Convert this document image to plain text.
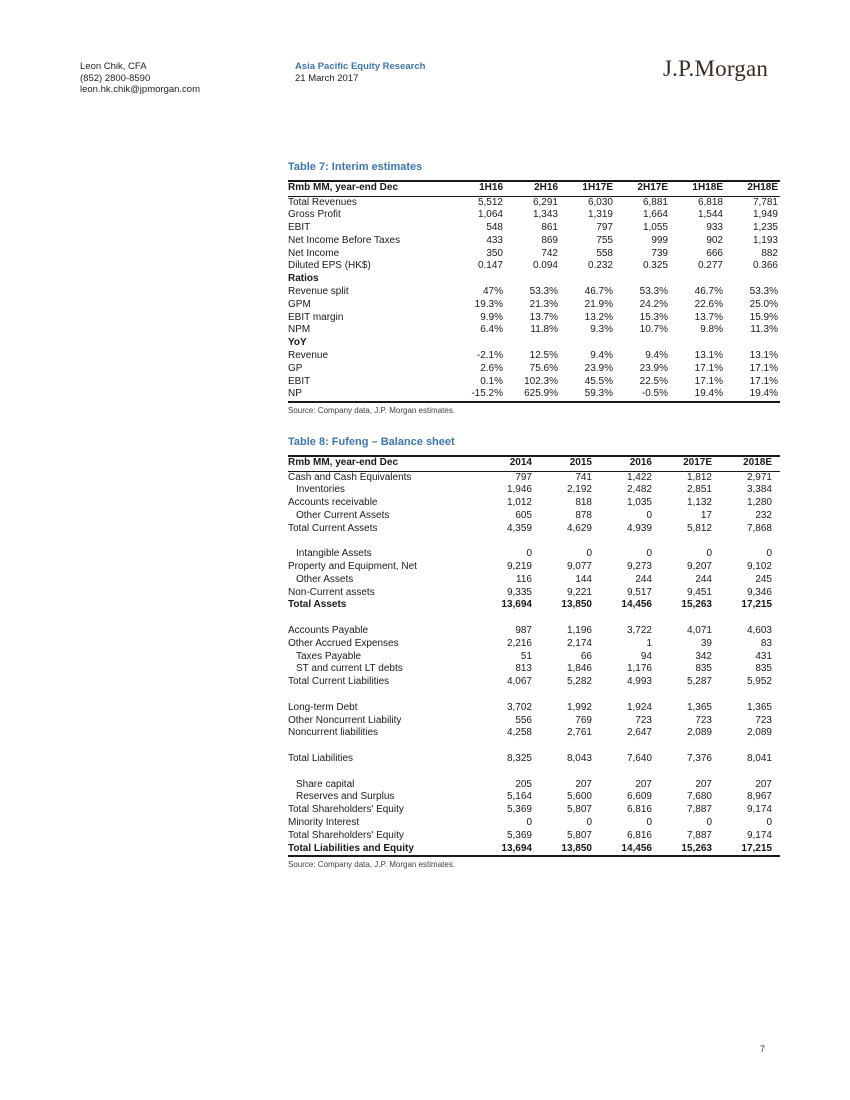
Leon Chik, CFA
(852) 2800-8590
leon.hk.chik@jpmorgan.com
Asia Pacific Equity Research
21 March 2017	J.P.Morgan
Table 7: Interim estimates
Rmb MM, year-end Dec	1H16	2H16	1H17E	2H17E	1H18E	2H18E
Total Revenues	5,512	6,291	6,030	6,881	6,818	7,781
Gross Profit	1,064	1,343	1,319	1,664	1,544	1,949
EBIT	548	861	797	1,055	933	1,235
Net Income Before Taxes	433	869	755	999	902	1,193
Net Income	350	742	558	739	666	882
Diluted EPS (HK$)	0.147	0.094	0.232	0.325	0.277	0.366
Ratios						
Revenue split	47%	53.3%	46.7%	53.3%	46.7%	53.3%
GPM	19.3%	21.3%	21.9%	24.2%	22.6%	25.0%
EBIT margin	9.9%	13.7%	13.2%	15.3%	13.7%	15.9%
NPM	6.4%	11.8%	9.3%	10.7%	9.8%	11.3%
YoY						
Revenue	-2.1%	12.5%	9.4%	9.4%	13.1%	13.1%
GP	2.6%	75.6%	23.9%	23.9%	17.1%	17.1%
EBIT	0.1%	102.3%	45.5%	22.5%	17.1%	17.1%
NP	-15.2%	625.9%	59.3%	-0.5%	19.4%	19.4%
Source: Company data, J.P. Morgan estimates.
Table 8: Fufeng – Balance sheet
Rmb MM, year-end Dec	2014	2015	2016	2017E	2018E
Cash and Cash Equivalents	797	741	1,422	1,812	2,971
Inventories	1,946	2,192	2,482	2,851	3,384
Accounts receivable	1,012	818	1,035	1,132	1,280
Other Current Assets	605	878	0	17	232
Total Current Assets	4,359	4,629	4,939	5,812	7,868

Intangible Assets	0	0	0	0	0
Property and Equipment, Net	9,219	9,077	9,273	9,207	9,102
Other Assets	116	144	244	244	245
Non-Current assets	9,335	9,221	9,517	9,451	9,346
Total Assets	13,694	13,850	14,456	15,263	17,215

Accounts Payable	987	1,196	3,722	4,071	4,603
Other Accrued Expenses	2,216	2,174	1	39	83
Taxes Payable	51	66	94	342	431
ST and current LT debts	813	1,846	1,176	835	835
Total Current Liabilities	4,067	5,282	4,993	5,287	5,952

Long-term Debt	3,702	1,992	1,924	1,365	1,365
Other Noncurrent Liability	556	769	723	723	723
Noncurrent liabilities	4,258	2,761	2,647	2,089	2,089

Total Liabilities	8,325	8,043	7,640	7,376	8,041

Share capital	205	207	207	207	207
Reserves and Surplus	5,164	5,600	6,609	7,680	8,967
Total Shareholders' Equity	5,369	5,807	6,816	7,887	9,174
Minority Interest	0	0	0	0	0
Total Shareholders' Equity	5,369	5,807	6,816	7,887	9,174
Total Liabilities and Equity	13,694	13,850	14,456	15,263	17,215
Source: Company data, J.P. Morgan estimates.
7
